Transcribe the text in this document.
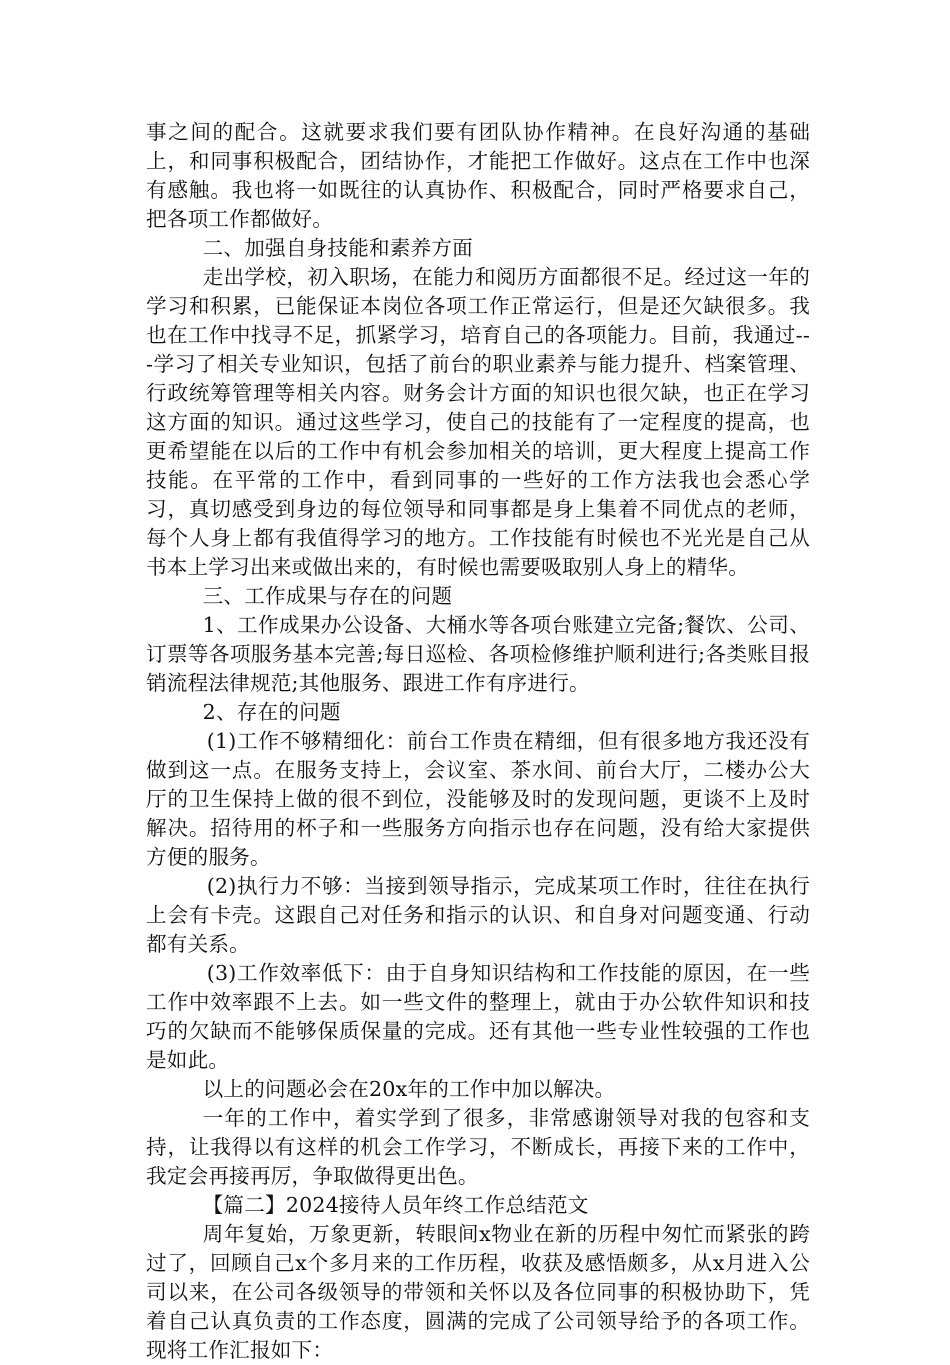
事之间的配合。这就要求我们要有团队协作精神。在良好沟通的基础上，和同事积极配合，团结协作，才能把工作做好。这点在工作中也深有感触。我也将一如既往的认真协作、积极配合，同时严格要求自己，把各项工作都做好。

二、加强自身技能和素养方面

走出学校，初入职场，在能力和阅历方面都很不足。经过这一年的学习和积累，已能保证本岗位各项工作正常运行，但是还欠缺很多。我也在工作中找寻不足，抓紧学习，培育自己的各项能力。目前，我通过---学习了相关专业知识，包括了前台的职业素养与能力提升、档案管理、行政统筹管理等相关内容。财务会计方面的知识也很欠缺，也正在学习这方面的知识。通过这些学习，使自己的技能有了一定程度的提高，也更希望能在以后的工作中有机会参加相关的培训，更大程度上提高工作技能。在平常的工作中，看到同事的一些好的工作方法我也会悉心学习，真切感受到身边的每位领导和同事都是身上集着不同优点的老师，每个人身上都有我值得学习的地方。工作技能有时候也不光光是自己从书本上学习出来或做出来的，有时候也需要吸取别人身上的精华。

三、工作成果与存在的问题

1、工作成果办公设备、大桶水等各项台账建立完备;餐饮、公司、订票等各项服务基本完善;每日巡检、各项检修维护顺利进行;各类账目报销流程法律规范;其他服务、跟进工作有序进行。

2、存在的问题

(1)工作不够精细化：前台工作贵在精细，但有很多地方我还没有做到这一点。在服务支持上，会议室、茶水间、前台大厅，二楼办公大厅的卫生保持上做的很不到位，没能够及时的发现问题，更谈不上及时解决。招待用的杯子和一些服务方向指示也存在问题，没有给大家提供方便的服务。

(2)执行力不够：当接到领导指示，完成某项工作时，往往在执行上会有卡壳。这跟自己对任务和指示的认识、和自身对问题变通、行动都有关系。

(3)工作效率低下：由于自身知识结构和工作技能的原因，在一些工作中效率跟不上去。如一些文件的整理上，就由于办公软件知识和技巧的欠缺而不能够保质保量的完成。还有其他一些专业性较强的工作也是如此。

以上的问题必会在20x年的工作中加以解决。

一年的工作中，着实学到了很多，非常感谢领导对我的包容和支持，让我得以有这样的机会工作学习，不断成长，再接下来的工作中，我定会再接再厉，争取做得更出色。

【篇二】2024接待人员年终工作总结范文

周年复始，万象更新，转眼间x物业在新的历程中匆忙而紧张的跨过了，回顾自己x个多月来的工作历程，收获及感悟颇多，从x月进入公司以来，在公司各级领导的带领和关怀以及各位同事的积极协助下，凭着自己认真负责的工作态度，圆满的完成了公司领导给予的各项工作。现将工作汇报如下：
